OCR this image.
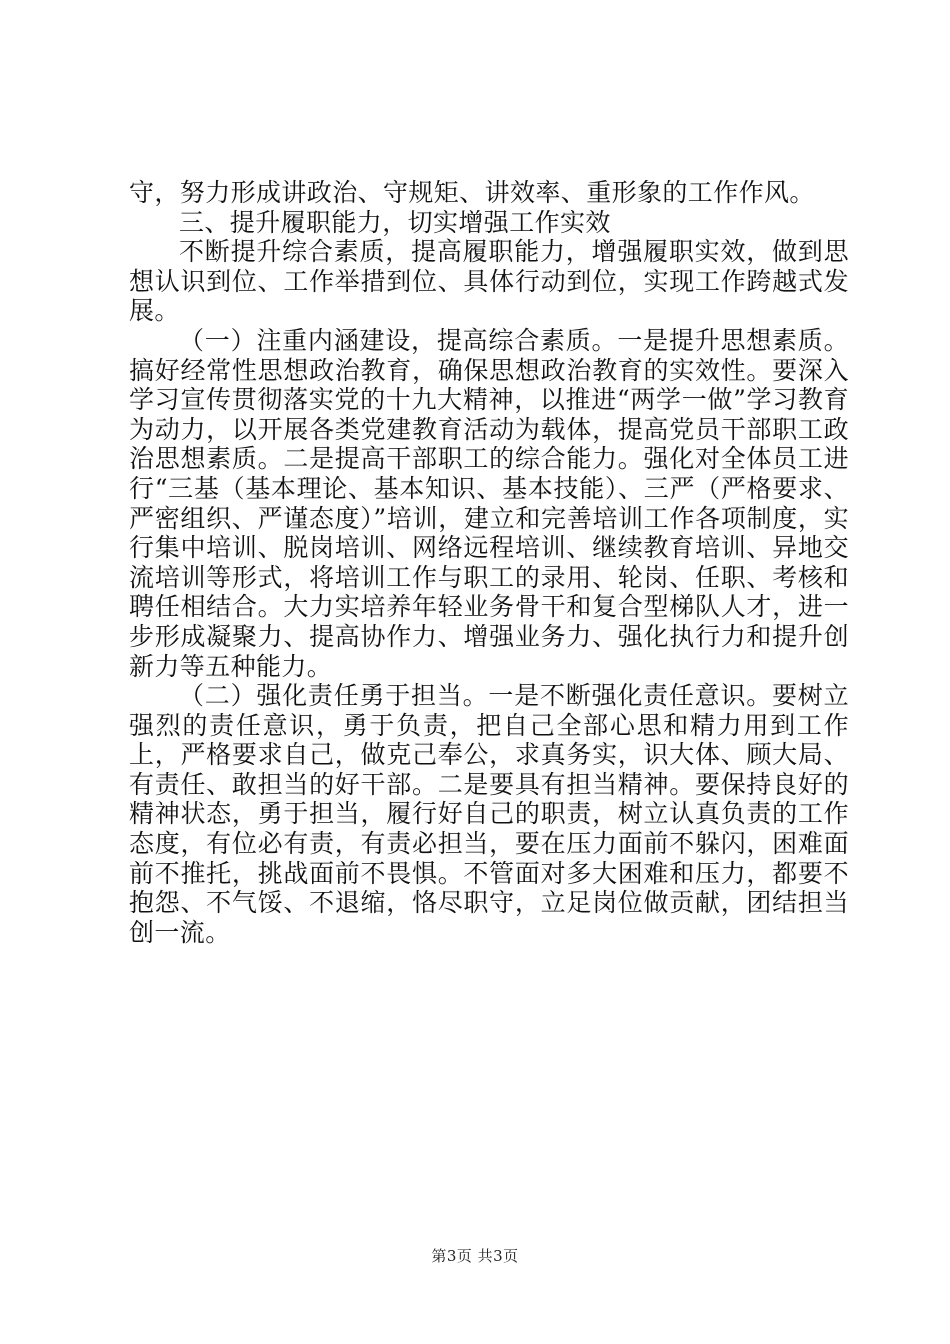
守，努力形成讲政治、守规矩、讲效率、重形象的工作作风。

三、提升履职能力，切实增强工作实效

不断提升综合素质，提高履职能力，增强履职实效，做到思想认识到位、工作举措到位、具体行动到位，实现工作跨越式发展。

（一）注重内涵建设，提高综合素质。一是提升思想素质。搞好经常性思想政治教育，确保思想政治教育的实效性。要深入学习宣传贯彻落实党的十九大精神，以推进“两学一做”学习教育为动力，以开展各类党建教育活动为载体，提高党员干部职工政治思想素质。二是提高干部职工的综合能力。强化对全体员工进行“三基（基本理论、基本知识、基本技能）、三严（严格要求、严密组织、严谨态度）”培训，建立和完善培训工作各项制度，实行集中培训、脱岗培训、网络远程培训、继续教育培训、异地交流培训等形式，将培训工作与职工的录用、轮岗、任职、考核和聘任相结合。大力实培养年轻业务骨干和复合型梯队人才，进一步形成凝聚力、提高协作力、增强业务力、强化执行力和提升创新力等五种能力。

（二）强化责任勇于担当。一是不断强化责任意识。要树立强烈的责任意识，勇于负责，把自己全部心思和精力用到工作上，严格要求自己，做克己奉公，求真务实，识大体、顾大局、有责任、敢担当的好干部。二是要具有担当精神。要保持良好的精神状态，勇于担当，履行好自己的职责，树立认真负责的工作态度，有位必有责，有责必担当，要在压力面前不躲闪，困难面前不推托，挑战面前不畏惧。不管面对多大困难和压力，都要不抱怨、不气馁、不退缩，恪尽职守，立足岗位做贡献，团结担当创一流。

第3页 共3页
